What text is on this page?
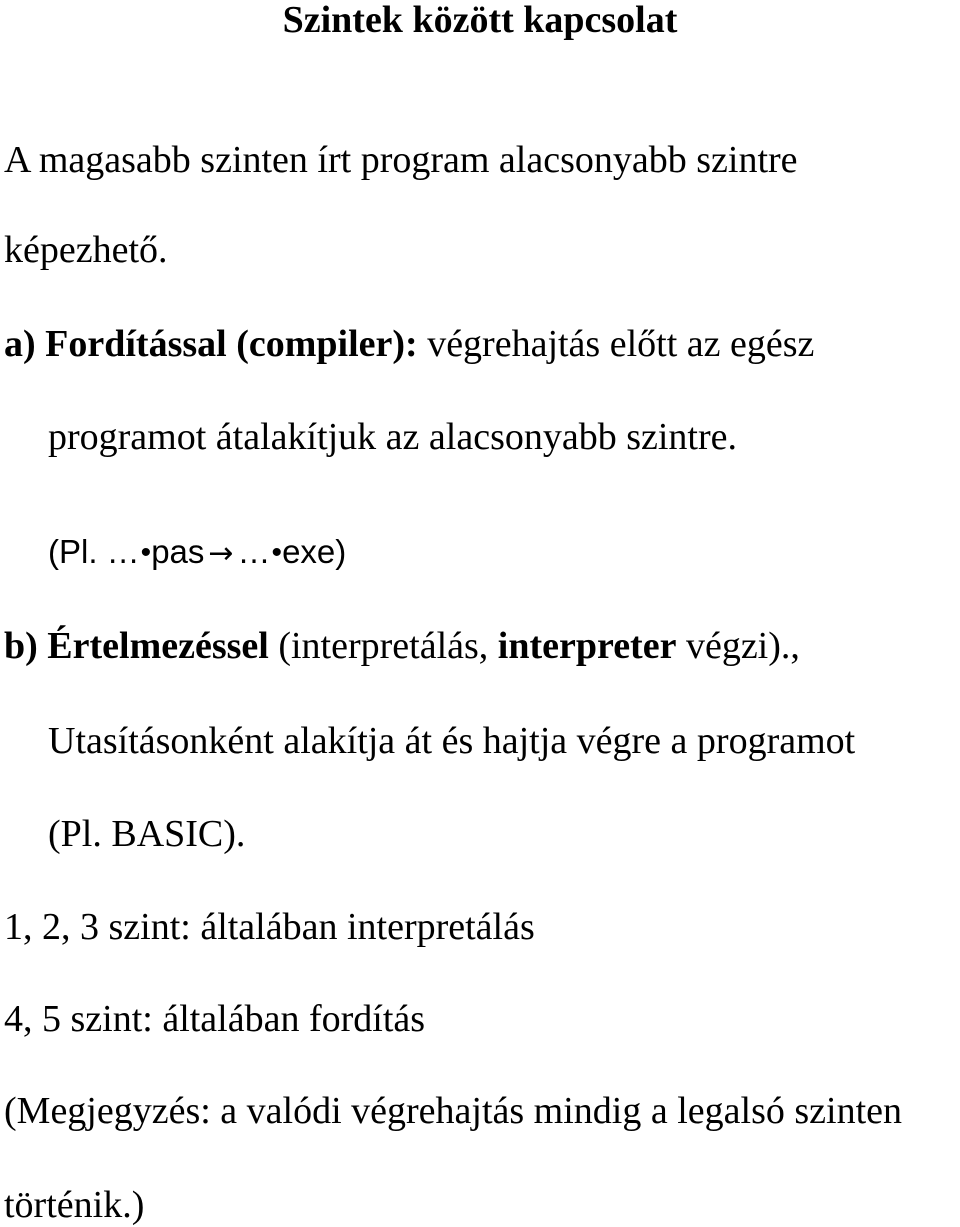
Szintek között kapcsolat
A magasabb szinten írt program alacsonyabb szintre
képezhető.
a) Fordítással (compiler): végrehajtás előtt az egész
programot átalakítjuk az alacsonyabb szintre.
(Pl. …•pas → …•exe)
b) Értelmezéssel (interpretálás, interpreter végzi).,
Utasításonként alakítja át és hajtja végre a programot
(Pl. BASIC).
1, 2, 3 szint: általában interpretálás
4, 5 szint: általában fordítás
(Megjegyzés: a valódi végrehajtás mindig a legalsó szinten
történik.)
